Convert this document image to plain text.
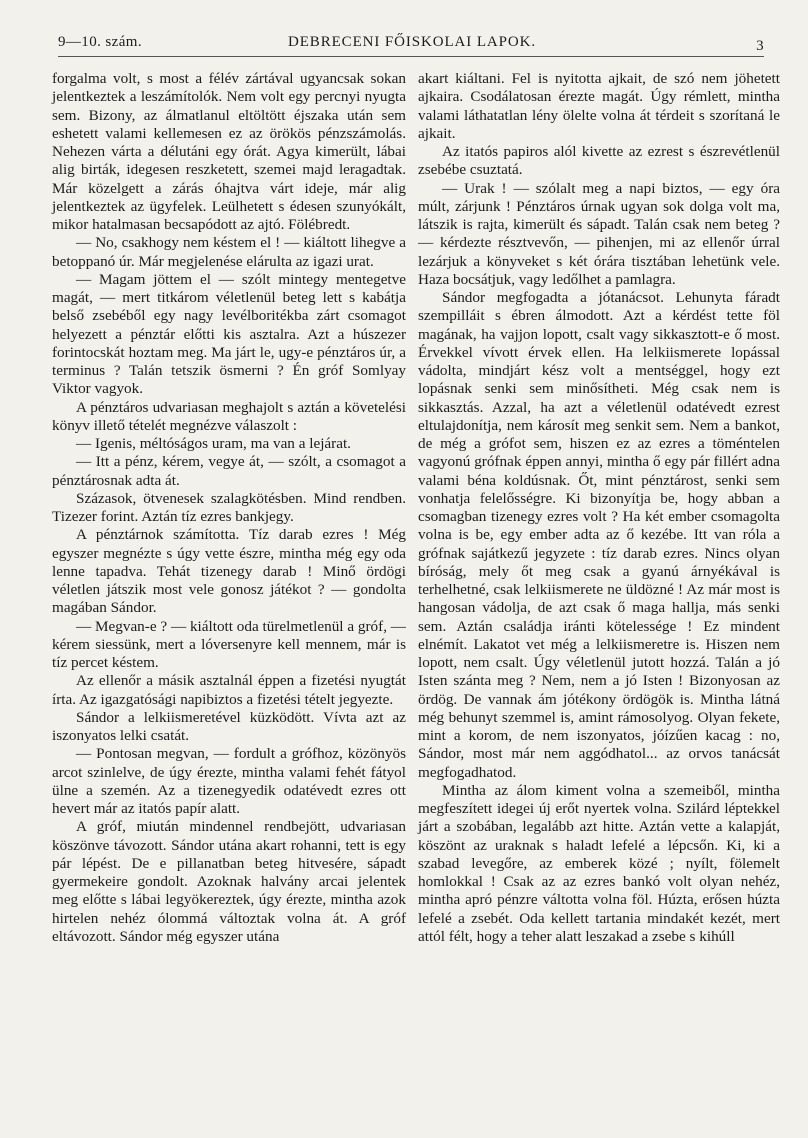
9—10. szám.	DEBRECENI FŐISKOLAI LAPOK.	3

forgalma volt, s most a félév zártával ugyancsak sokan jelentkeztek a leszámítolók. Nem volt egy percnyi nyugta sem. Bizony, az álmatlanul eltöltött éjszaka után sem eshetett valami kellemesen ez az örökös pénzszámolás. Nehezen várta a délutáni egy órát. Agya kimerült, lábai alig birták, idegesen reszketett, szemei majd leragadtak. Már közelgett a zárás óhajtva várt ideje, már alig jelentkeztek az ügyfelek. Leülhetett s édesen szunyókált, mikor hatalmasan becsapódott az ajtó. Fölébredt.

— No, csakhogy nem késtem el ! — kiáltott lihegve a betoppanó úr. Már megjelenése elárulta az igazi urat.

— Magam jöttem el — szólt mintegy mentegetve magát, — mert titkárom véletlenül beteg lett s kabátja belső zsebéből egy nagy levélboritékba zárt csomagot helyezett a pénztár előtti kis asztalra. Azt a húszezer forintocskát hoztam meg. Ma járt le, ugy-e pénztáros úr, a terminus ? Talán tetszik ösmerni ? Én gróf Somlyay Viktor vagyok.

A pénztáros udvariasan meghajolt s aztán a követelési könyv illető tételét megnézve válaszolt :

— Igenis, méltóságos uram, ma van a lejárat.

— Itt a pénz, kérem, vegye át, — szólt, a csomagot a pénztárosnak adta át.

Százasok, ötvenesek szalagkötésben. Mind rendben. Tizezer forint. Aztán tíz ezres bankjegy.

A pénztárnok számította. Tíz darab ezres ! Még egyszer megnézte s úgy vette észre, mintha még egy oda lenne tapadva. Tehát tizenegy darab ! Minő ördögi véletlen játszik most vele gonosz játékot ? — gondolta magában Sándor.

— Megvan-e ? — kiáltott oda türelmetlenül a gróf, — kérem siessünk, mert a lóversenyre kell mennem, már is tíz percet késtem.

Az ellenőr a másik asztalnál éppen a fizetési nyugtát írta. Az igazgatósági napibiztos a fizetési tételt jegyezte.

Sándor a lelkiismeretével küzködött. Vívta azt az iszonyatos lelki csatát.

— Pontosan megvan, — fordult a grófhoz, közönyös arcot szinlelve, de úgy érezte, mintha valami fehét fátyol ülne a szemén. Az a tizenegyedik odatévedt ezres ott hevert már az itatós papír alatt.

A gróf, miután mindennel rendbejött, udvariasan köszönve távozott. Sándor utána akart rohanni, tett is egy pár lépést. De e pillanatban beteg hitvesére, sápadt gyermekeire gondolt. Azoknak halvány arcai jelentek meg előtte s lábai legyökereztek, úgy érezte, mintha azok hirtelen nehéz ólommá változtak volna át. A gróf eltávozott. Sándor még egyszer utána

akart kiáltani. Fel is nyitotta ajkait, de szó nem jöhetett ajkaira. Csodálatosan érezte magát. Úgy rémlett, mintha valami láthatatlan lény ölelte volna át térdeit s szorítaná le ajkait.

Az itatós papiros alól kivette az ezrest s észrevétlenül zsebébe csuztatá.

— Urak ! — szólalt meg a napi biztos, — egy óra múlt, zárjunk ! Pénztáros úrnak ugyan sok dolga volt ma, látszik is rajta, kimerült és sápadt. Talán csak nem beteg ? — kérdezte résztvevőn, — pihenjen, mi az ellenőr úrral lezárjuk a könyveket s két órára tisztában lehetünk vele. Haza bocsátjuk, vagy ledőlhet a pamlagra.

Sándor megfogadta a jótanácsot. Lehunyta fáradt szempilláit s ébren álmodott. Azt a kérdést tette föl magának, ha vajjon lopott, csalt vagy sikkasztott-e ő most. Érvekkel vívott érvek ellen. Ha lelkiismerete lopással vádolta, mindjárt kész volt a mentséggel, hogy ezt lopásnak senki sem minősítheti. Még csak nem is sikkasztás. Azzal, ha azt a véletlenül odatévedt ezrest eltulajdonítja, nem károsít meg senkit sem. Nem a bankot, de még a grófot sem, hiszen ez az ezres a töméntelen vagyonú grófnak éppen annyi, mintha ő egy pár fillért adna valami béna koldúsnak. Őt, mint pénztárost, senki sem vonhatja felelősségre. Ki bizonyítja be, hogy abban a csomagban tizenegy ezres volt ? Ha két ember csomagolta volna is be, egy ember adta az ő kezébe. Itt van róla a grófnak sajátkezű jegyzete : tíz darab ezres. Nincs olyan bíróság, mely őt meg csak a gyanú árnyékával is terhelhetné, csak lelkiismerete ne üldözné ! Az már most is hangosan vádolja, de azt csak ő maga hallja, más senki sem. Aztán családja iránti kötelessége ! Ez mindent elnémít. Lakatot vet még a lelkiismeretre is. Hiszen nem lopott, nem csalt. Úgy véletlenül jutott hozzá. Talán a jó Isten szánta meg ? Nem, nem a jó Isten ! Bizonyosan az ördög. De vannak ám jótékony ördögök is. Mintha látná még behunyt szemmel is, amint rámosolyog. Olyan fekete, mint a korom, de nem iszonyatos, jóízűen kacag : no, Sándor, most már nem aggódhatol... az orvos tanácsát megfogadhatod.

Mintha az álom kiment volna a szemeiből, mintha megfeszített idegei új erőt nyertek volna. Szilárd léptekkel járt a szobában, legalább azt hitte. Aztán vette a kalapját, köszönt az uraknak s haladt lefelé a lépcsőn. Ki, ki a szabad levegőre, az emberek közé ; nyílt, fölemelt homlokkal ! Csak az az ezres bankó volt olyan nehéz, mintha apró pénzre váltotta volna föl. Húzta, erősen húzta lefelé a zsebét. Oda kellett tartania mindakét kezét, mert attól félt, hogy a teher alatt leszakad a zsebe s kihúll
